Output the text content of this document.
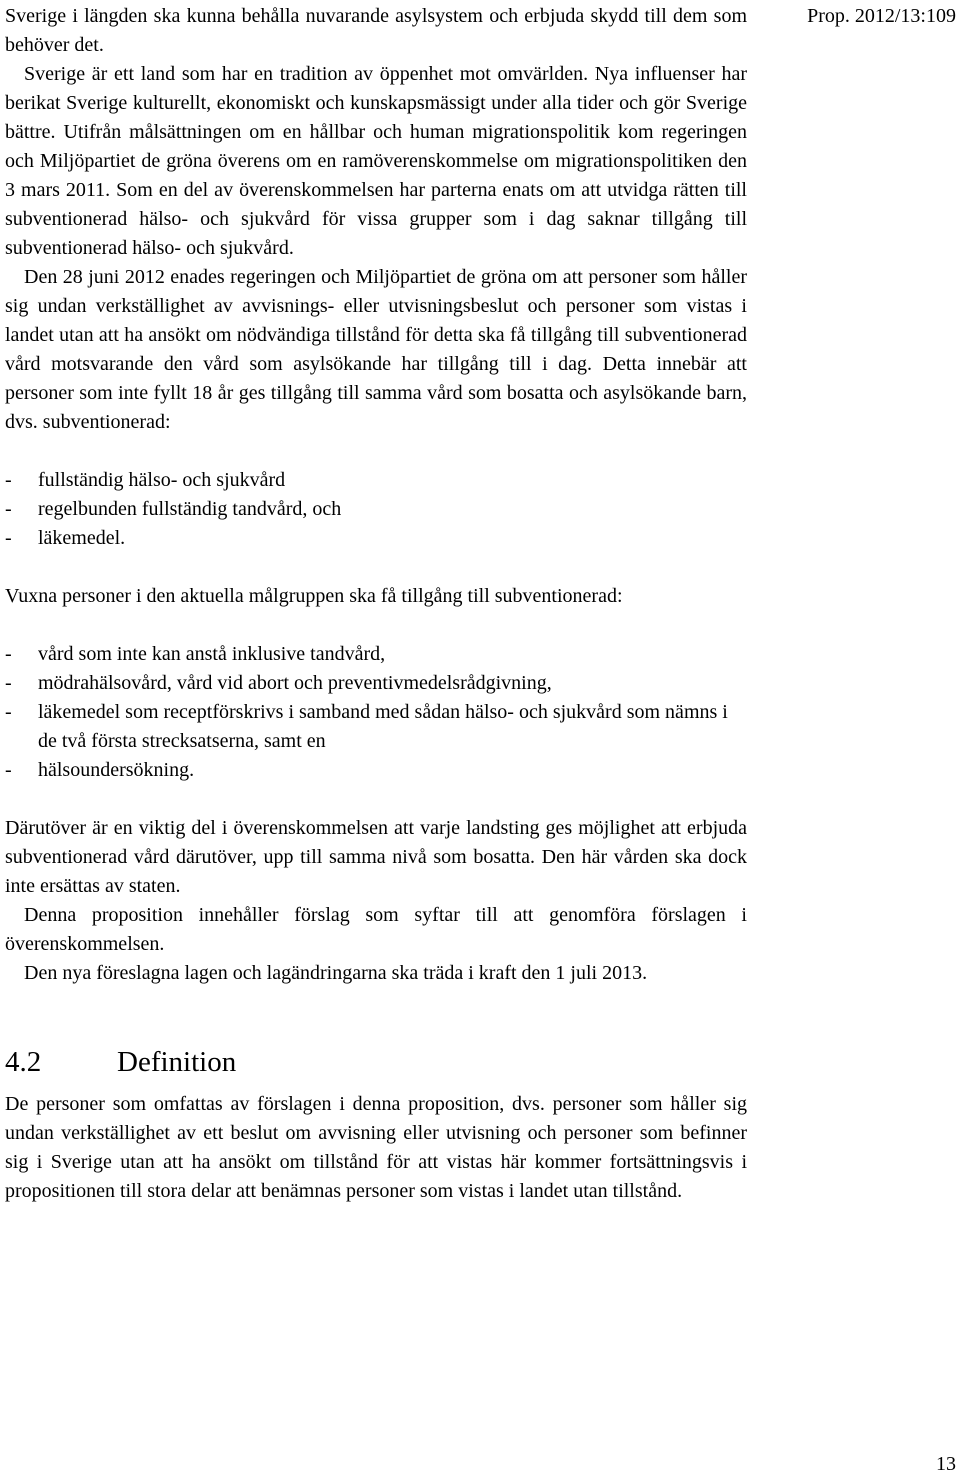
Prop. 2012/13:109

Sverige i längden ska kunna behålla nuvarande asylsystem och erbjuda skydd till dem som behöver det.

Sverige är ett land som har en tradition av öppenhet mot omvärlden. Nya influenser har berikat Sverige kulturellt, ekonomiskt och kunskapsmässigt under alla tider och gör Sverige bättre. Utifrån målsättningen om en hållbar och human migrationspolitik kom regeringen och Miljöpartiet de gröna överens om en ramöverenskommelse om migrationspolitiken den 3 mars 2011. Som en del av överenskommelsen har parterna enats om att utvidga rätten till subventionerad hälso- och sjukvård för vissa grupper som i dag saknar tillgång till subventionerad hälso- och sjukvård.

Den 28 juni 2012 enades regeringen och Miljöpartiet de gröna om att personer som håller sig undan verkställighet av avvisnings- eller utvisningsbeslut och personer som vistas i landet utan att ha ansökt om nödvändiga tillstånd för detta ska få tillgång till subventionerad vård motsvarande den vård som asylsökande har tillgång till i dag. Detta innebär att personer som inte fyllt 18 år ges tillgång till samma vård som bosatta och asylsökande barn, dvs. subventionerad:

- fullständig hälso- och sjukvård
- regelbunden fullständig tandvård, och
- läkemedel.

Vuxna personer i den aktuella målgruppen ska få tillgång till subventionerad:

- vård som inte kan anstå inklusive tandvård,
- mödrahälsovård, vård vid abort och preventivmedelsrådgivning,
- läkemedel som receptförskrivs i samband med sådan hälso- och sjukvård som nämns i de två första strecksatserna, samt en
- hälsoundersökning.

Därutöver är en viktig del i överenskommelsen att varje landsting ges möjlighet att erbjuda subventionerad vård därutöver, upp till samma nivå som bosatta. Den här vården ska dock inte ersättas av staten.

Denna proposition innehåller förslag som syftar till att genomföra förslagen i överenskommelsen.

Den nya föreslagna lagen och lagändringarna ska träda i kraft den 1 juli 2013.

4.2	Definition

De personer som omfattas av förslagen i denna proposition, dvs. personer som håller sig undan verkställighet av ett beslut om avvisning eller utvisning och personer som befinner sig i Sverige utan att ha ansökt om tillstånd för att vistas här kommer fortsättningsvis i propositionen till stora delar att benämnas personer som vistas i landet utan tillstånd.

13
